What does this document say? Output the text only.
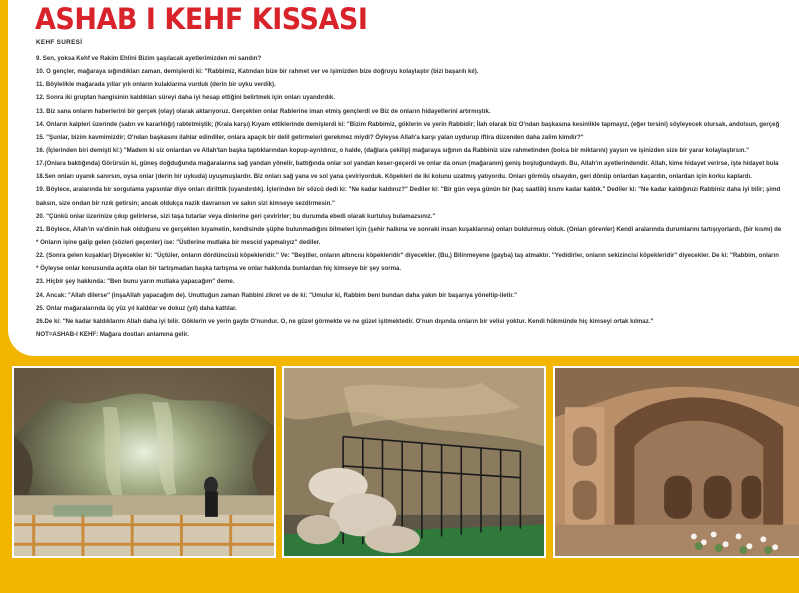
ASHAB I KEHF KISSASI

KEHF SURESİ

9. Sen, yoksa Kehf ve Rakim Ehlini Bizim şaşılacak ayetlerimizden mi sandın?

10. O gençler, mağaraya sığındıkları zaman, demişlerdi ki: "Rabbimiz, Katından bize bir rahmet ver ve işimizden bize doğruyu kolaylaştır (bizi başarılı kıl).

11. Böylelikle mağarada yıllar yılı onların kulaklarına vurduk (derin bir uyku verdik).

12. Sonra iki gruptan hangisinin kaldıkları süreyi daha iyi hesap ettiğini belirtmek için onları uyandırdık.

13. Biz sana onların haberlerini bir gerçek (olay) olarak aktarıyoruz. Gerçekten onlar Rablerine iman etmiş gençlerdi ve Biz de onların hidayetlerini artırmıştık.

14. Onların kalpleri üzerinde (sabrı ve kararlılığı) rabtetmiştik; (Krala karşı) Kıyam ettiklerinde demişlerdi ki: "Bizim Rabbimiz, göklerin ve yerin Rabbidir; İlah olarak biz O'ndan başkasına kesinlikle tapmayız, (eğer tersini) söyleyecek olursak, andolsun, gerçeğ

15. "Şunlar, bizim kavmimizdir; O'ndan başkasını ilahlar edindiler, onlara apaçık bir delil getirmeleri gerekmez miydi? Öyleyse Allah'a karşı yalan uydurup iftira düzenden daha zalim kimdir?"

16. (İçlerinden biri demişti ki:) "Madem ki siz onlardan ve Allah'tan başka taptıklarından kopup-ayrıldınız, o halde, (dağlara çekilip) mağaraya sığının da Rabbiniz size rahmetinden (bolca bir miktarını) yaysın ve işinizden size bir yarar kolaylaştırsın."

17.(Onlara baktığında) Görürsün ki, güneş doğduğunda mağaralarına sağ yandan yönelir, battığında onlar sol yandan keser-geçerdi ve onlar da onun (mağaranın) geniş boşluğundaydı. Bu, Allah'ın ayetlerindendir. Allah, kime hidayet verirse, işte hidayet bula

18.Sen onları uyanık sanırsın, oysa onlar (derin bir uykuda) uyuşmuşlardır. Biz onları sağ yana ve sol yana çeviriyorduk. Köpekleri de iki kolunu uzatmış yatıyordu. Onları görmüş olsaydın, geri dönüp onlardan kaçardın, onlardan için korku kaplardı.

19. Böylece, aralarında bir sorgulama yapsınlar diye onları dirilttik (uyandırdık). İçlerinden bir sözcü dedi ki: "Ne kadar kaldınız?" Dediler ki: "Bir gün veya günün bir (kaç saatlik) kısmı kadar kaldık." Dediler ki: "Ne kadar kaldığınızı Rabbiniz daha iyi bilir; şimd

baksın, size ondan bir rızık getirsin; ancak oldukça nazik davransın ve sakın sizi kimseye sezdirmesin."

20. "Çünkü onlar üzerinize çıkıp gelirlerse, sizi taşa tutarlar veya dinlerine geri çevirirler; bu durumda ebedi olarak kurtuluş bulamazsınız."

21. Böylece, Allah'ın va'dinin hak olduğunu ve gerçekten kıyametin, kendisinde şüphe bulunmadığını bilmeleri için (şehir halkına ve sonraki insan kuşaklarına) onları buldurmuş olduk. (Onları görenler) Kendi aralarında durumlarını tartışıyorlardı, (bir kısmı) de

* Onların işine galip gelen (sözleri geçenler) ise: "Üstlerine mutlaka bir mescid yapmalıyız" dediler.

22. (Sonra gelen kuşaklar) Diyecekler ki: "Üçtüler, onların dördüncüsü köpekleridir." Ve: "Beştiler, onların altıncısı köpekleridir" diyecekler. (Bu,) Bilinmeyene (gayba) taş atmaktır. "Yedidirler, onların sekizincisi köpekleridir" diyecekler. De ki: "Rabbim, onların

* Öyleyse onlar konusunda açıkta olan bir tartışmadan başka tartışma ve onlar hakkında bunlardan hiç kimseye bir şey sorma.

23. Hiçbir şey hakkında: "Ben bunu yarın mutlaka yapacağım" deme.

24. Ancak: "Allah dilerse" (inşaAllah yapacağım de). Unuttuğun zaman Rabbini zikret ve de ki: "Umulur ki, Rabbim beni bundan daha yakın bir başarıya yöneltip-iletir."

25. Onlar mağaralarında üç yüz yıl kaldılar ve dokuz (yıl) daha kattılar.

26.De ki: "Ne kadar kaldıklarını Allah daha iyi bilir. Göklerin ve yerin gaybı O'nundur. O, ne güzel görmekte ve ne güzel işitmektedir. O'nun dışında onların bir velisi yoktur. Kendi hükmünde hiç kimseyi ortak kılmaz."

NOT=ASHAB-I KEHF: Mağara dostları anlamına gelir.
